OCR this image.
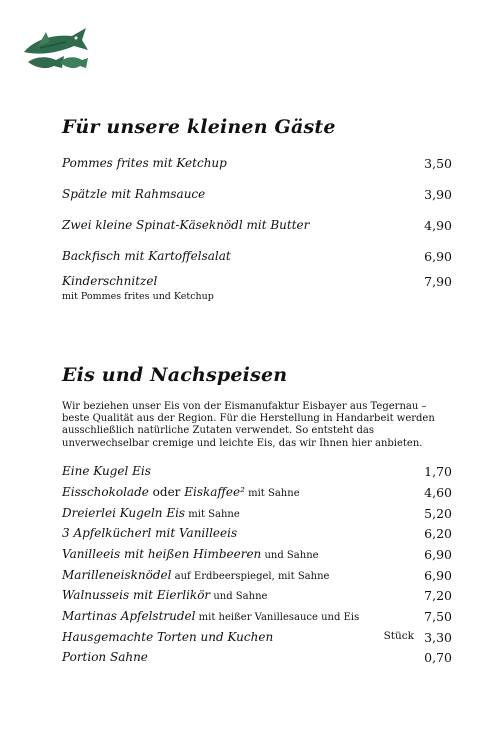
Für unsere kleinen Gäste
Pommes frites mit Ketchup	3,50
Spätzle mit Rahmsauce	3,90
Zwei kleine Spinat-Käseknödl mit Butter	4,90
Backfisch mit Kartoffelsalat	6,90
Kinderschnitzel	7,90
mit Pommes frites und Ketchup
Eis und Nachspeisen
Wir beziehen unser Eis von der Eismanufaktur Eisbayer aus Tegernau – beste Qualität aus der Region. Für die Herstellung in Handarbeit werden ausschließlich natürliche Zutaten verwendet. So entsteht das unverwechselbar cremige und leichte Eis, das wir Ihnen hier anbieten.
Eine Kugel Eis	1,70
Eisschokolade oder Eiskaffee² mit Sahne	4,60
Dreierlei Kugeln Eis mit Sahne	5,20
3 Apfelkücherl mit Vanilleeis	6,20
Vanilleeis mit heißen Himbeeren und Sahne	6,90
Marilleneisknödel auf Erdbeerspiegel, mit Sahne	6,90
Walnusseis mit Eierlikör und Sahne	7,20
Martinas Apfelstrudel mit heißer Vanillesauce und Eis	7,50
Hausgemachte Torten und Kuchen	Stück 3,30
Portion Sahne	0,70
